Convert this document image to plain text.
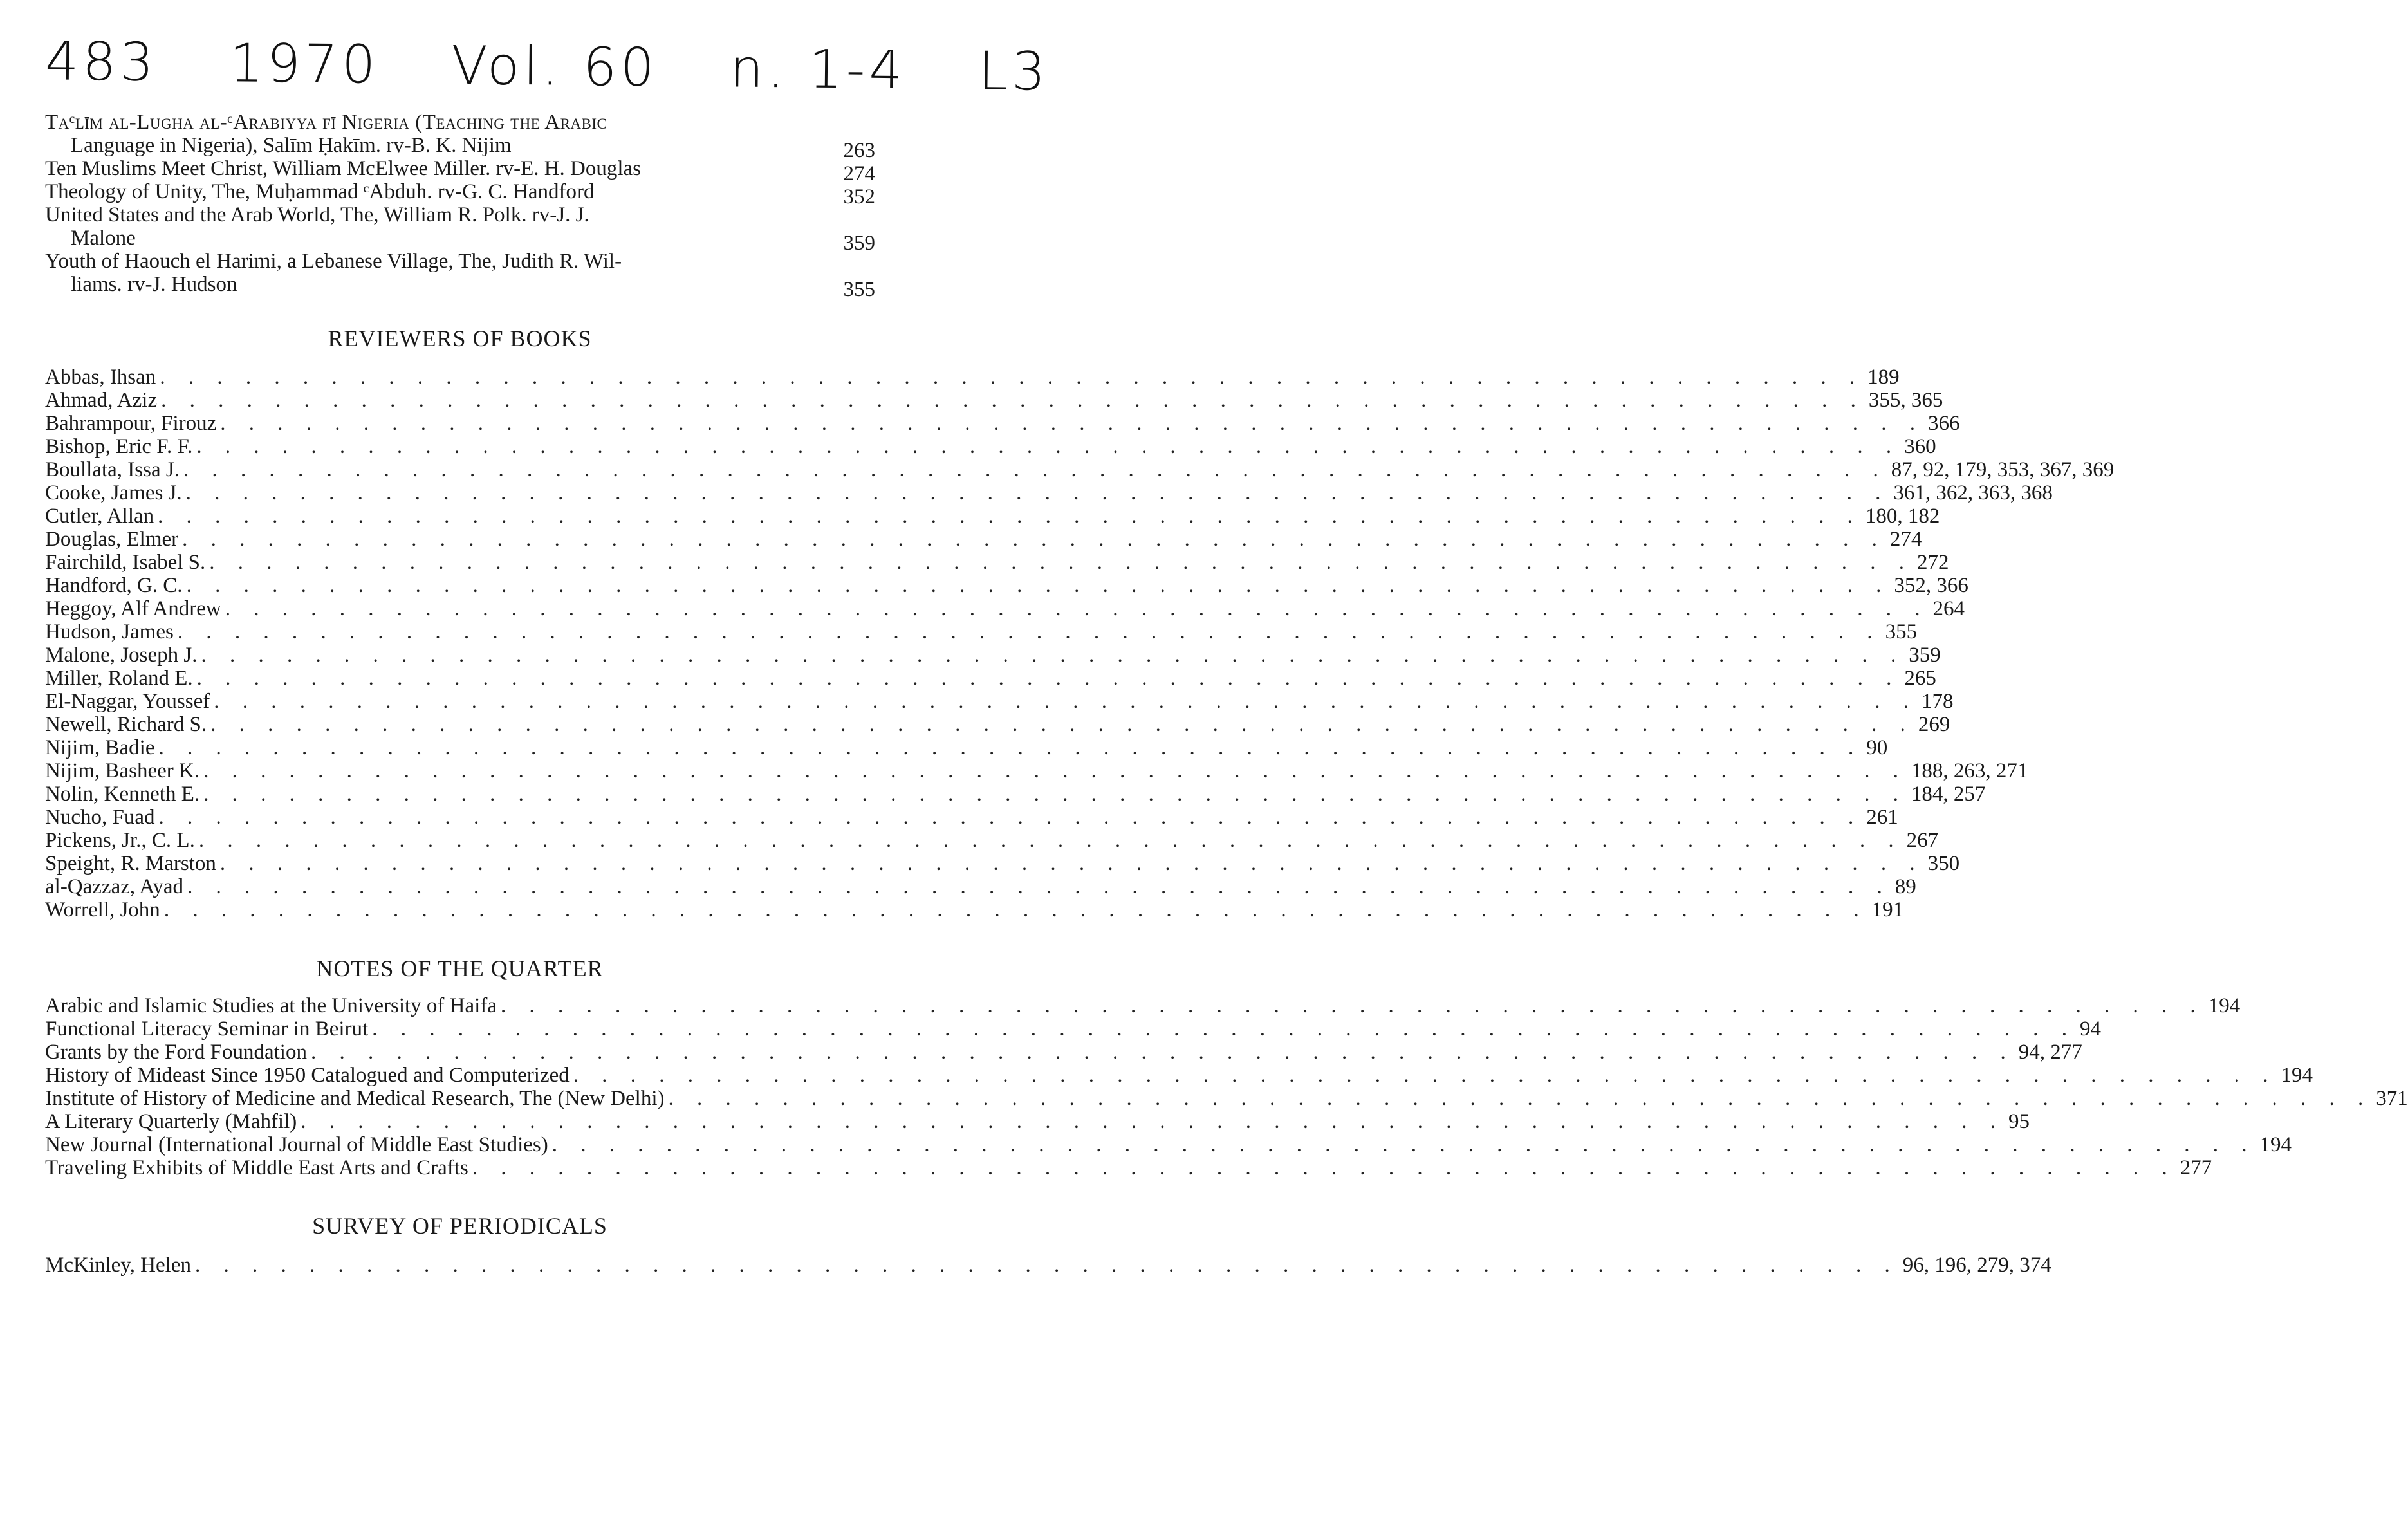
483 1970 Vol. 60 n. 1-4 L3
Taᶜlīm al-Lugha al-ᶜArabiyya fī Nigeria (Teaching the Arabic
Language in Nigeria), Salīm Ḥakīm. rv-B. K. Nijim	263
Ten Muslims Meet Christ, William McElwee Miller. rv-E. H. Douglas	274
Theology of Unity, The, Muḥammad ᶜAbduh. rv-G. C. Handford	352
United States and the Arab World, The, William R. Polk. rv-J. J.
Malone	359
Youth of Haouch el Harimi, a Lebanese Village, The, Judith R. Wil-
liams. rv-J. Hudson	355
REVIEWERS OF BOOKS
Abbas, Ihsan . . .	189
Ahmad, Aziz . . .	355, 365
Bahrampour, Firouz . . .	366
Bishop, Eric F. F. . . .	360
Boullata, Issa J. . . .	87, 92, 179, 353, 367, 369
Cooke, James J. . . .	361, 362, 363, 368
Cutler, Allan . . .	180, 182
Douglas, Elmer . . .	274
Fairchild, Isabel S. . . .	272
Handford, G. C. . . .	352, 366
Heggoy, Alf Andrew . . .	264
Hudson, James . . .	355
Malone, Joseph J. . . .	359
Miller, Roland E. . . .	265
El-Naggar, Youssef . . .	178
Newell, Richard S. . . .	269
Nijim, Badie . . .	90
Nijim, Basheer K. . . .	188, 263, 271
Nolin, Kenneth E. . . .	184, 257
Nucho, Fuad . . .	261
Pickens, Jr., C. L. . . .	267
Speight, R. Marston . . .	350
al-Qazzaz, Ayad . . .	89
Worrell, John . . .	191
NOTES OF THE QUARTER
Arabic and Islamic Studies at the University of Haifa . . .	194
Functional Literacy Seminar in Beirut . . .	94
Grants by the Ford Foundation . . .	94, 277
History of Mideast Since 1950 Catalogued and Computerized . . .	194
Institute of History of Medicine and Medical Research, The (New Delhi) . . .	371
A Literary Quarterly (Mahfil) . . .	95
New Journal (International Journal of Middle East Studies) . . .	194
Traveling Exhibits of Middle East Arts and Crafts . . .	277
SURVEY OF PERIODICALS
McKinley, Helen . . .	96, 196, 279, 374
